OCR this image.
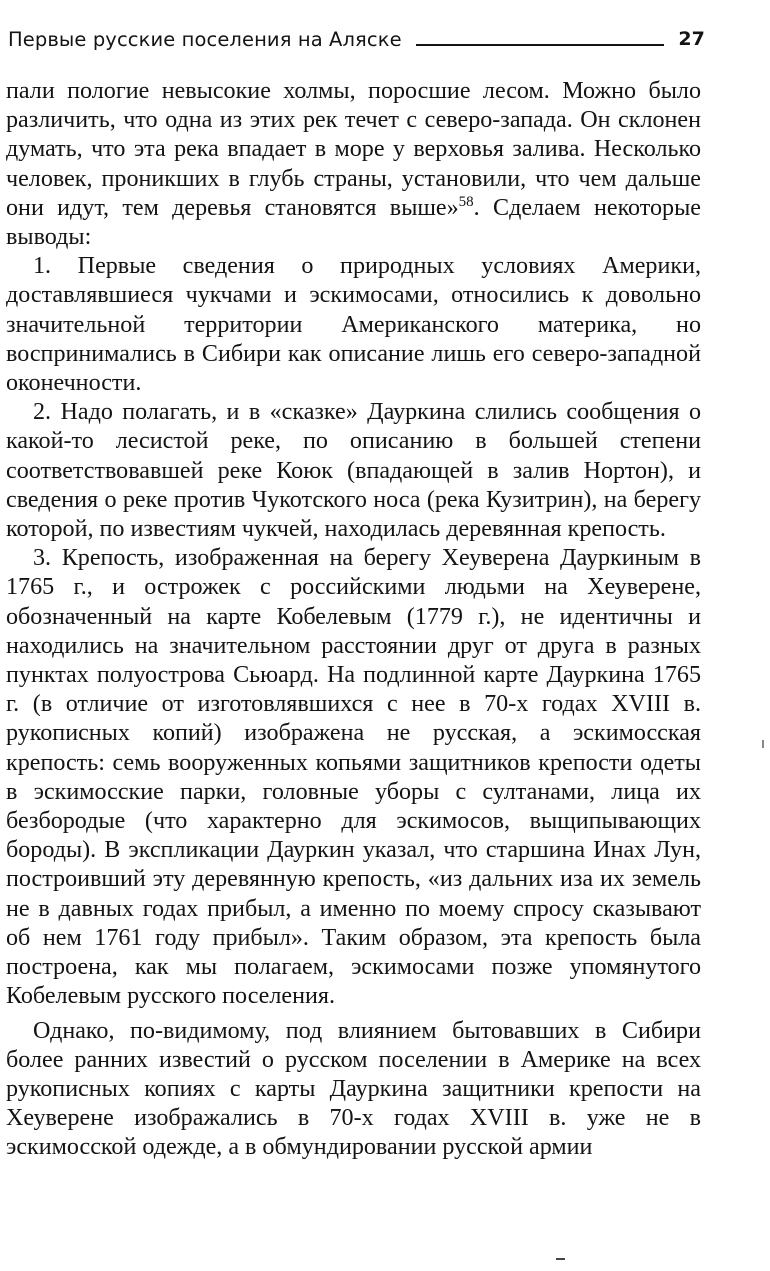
Первые русские поселения на Аляске	27

пали пологие невысокие холмы, поросшие лесом. Можно было различить, что одна из этих рек течет с северо-запада. Он склонен думать, что эта река впадает в море у верховья залива. Несколько человек, проникших в глубь страны, установили, что чем дальше они идут, тем деревья становятся выше»$^{58}$. Сделаем некоторые выводы:

1. Первые сведения о природных условиях Америки, доставлявшиеся чукчами и эскимосами, относились к довольно значительной территории Американского материка, но воспринимались в Сибири как описание лишь его северо-западной оконечности.

2. Надо полагать, и в «сказке» Дауркина слились сообщения о какой-то лесистой реке, по описанию в большей степени соответствовавшей реке Коюк (впадающей в залив Нортон), и сведения о реке против Чукотского носа (река Кузитрин), на берегу которой, по известиям чукчей, находилась деревянная крепость.

3. Крепость, изображенная на берегу Хеуверена Дауркиным в 1765 г., и острожек с российскими людьми на Хеуверене, обозначенный на карте Кобелевым (1779 г.), не идентичны и находились на значительном расстоянии друг от друга в разных пунктах полуострова Сьюард. На подлинной карте Дауркина 1765 г. (в отличие от изготовлявшихся с нее в 70-х годах XVIII в. рукописных копий) изображена не русская, а эскимосская крепость: семь вооруженных копьями защитников крепости одеты в эскимосские парки, головные уборы с султанами, лица их безбородые (что характерно для эскимосов, выщипывающих бороды). В экспликации Дауркин указал, что старшина Инах Лун, построивший эту деревянную крепость, «из дальних иза их земель не в давных годах прибыл, а именно по моему спросу сказывают об нем 1761 году прибыл». Таким образом, эта крепость была построена, как мы полагаем, эскимосами позже упомянутого Кобелевым русского поселения.

Однако, по-видимому, под влиянием бытовавших в Сибири более ранних известий о русском поселении в Америке на всех рукописных копиях с карты Дауркина защитники крепости на Хеуверене изображались в 70-х годах XVIII в. уже не в эскимосской одежде, а в обмундировании русской армии
